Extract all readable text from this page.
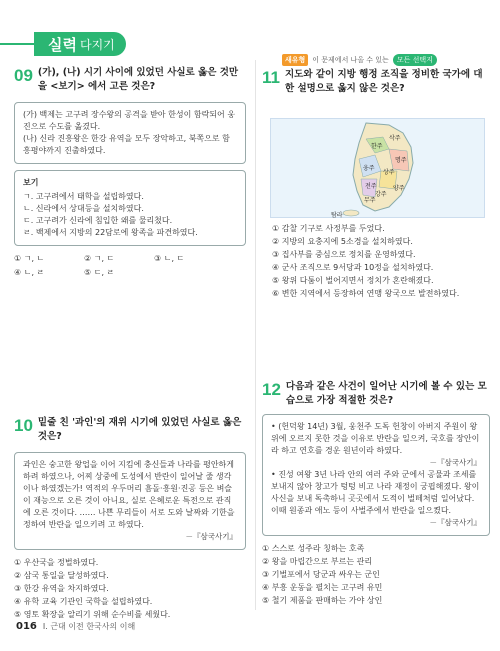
실력 다지기
09 (가), (나) 시기 사이에 있었던 사실로 옳은 것만을 <보기> 에서 고른 것은?

(가) 백제는 고구려 장수왕의 공격을 받아 한성이 함락되어 웅진으로 수도를 옮겼다.

(나) 신라 진흥왕은 한강 유역을 모두 장악하고, 북쪽으로 함흥평야까지 진출하였다.

보기

ㄱ. 고구려에서 태학을 설립하였다.

ㄴ. 신라에서 상대등을 설치하였다.

ㄷ. 고구려가 신라에 침입한 왜를 물리쳤다.

ㄹ. 백제에서 지방의 22담로에 왕족을 파견하였다.

① ㄱ, ㄴ	② ㄱ, ㄷ	③ ㄴ, ㄷ
④ ㄴ, ㄹ	⑤ ㄷ, ㄹ
10 밑줄 친 '과인'의 재위 시기에 있었던 사실로 옳은 것은?

과인은 숭고한 왕업을 이어 지킴에 충신들과 나라를 평안하게 하려 하였으나, 어찌 상중에 도성에서 반란이 일어날 줄 생각이나 하였겠는가! 역적의 우두머리 흠돌·흥원·진공 등은 벼슬이 재능으로 오른 것이 아니요, 실로 은혜로운 특전으로 관직에 오른 것이다. …… 나쁜 무리들이 서로 도와 날짜와 기한을 정하여 반란을 일으키려 고 하였다.

－『삼국사기』
① 우산국을 정벌하였다.
② 삼국 통일을 달성하였다.
③ 한강 유역을 차지하였다.
④ 유학 교육 기관인 국학을 설립하였다.
⑤ 영토 확장을 알리기 위해 순수비를 세웠다.
새유형	이 문제에서 나올 수 있는	모든 선택지
11 지도와 같이 지방 행정 조직을 정비한 국가에 대한 설명으로 옳지 않은 것은?
한주
삭주
명주
웅주
상주
전주
무주
강주
양주
탐라
① 감찰 기구로 사정부를 두었다.
② 지방의 요충지에 5소경을 설치하였다.
③ 집사부를 중심으로 정치를 운영하였다.
④ 군사 조직으로 9서당과 10정을 설치하였다.
⑤ 왕위 다툼이 벌어지면서 정치가 혼란해졌다.
⑥ 변한 지역에서 등장하여 연맹 왕국으로 발전하였다.
12 다음과 같은 사건이 일어난 시기에 볼 수 있는 모습으로 가장 적절한 것은?

• (헌덕왕 14년) 3월, 웅천주 도독 헌창이 아버지 주원이 왕위에 오르지 못한 것을 이유로 반란을 일으켜, 국호를 장안이라 하고 연호를 경운 원년이라 하였다.

－『삼국사기』

• 진성 여왕 3년 나라 안의 여러 주와 군에서 공물과 조세를 보내지 않아 창고가 텅텅 비고 나라 재정이 궁핍해졌다. 왕이 사신을 보내 독촉하니 곳곳에서 도적이 벌떼처럼 일어났다. 이때 원종과 애노 등이 사벌주에서 반란을 일으켰다.

－『삼국사기』
① 스스로 성주라 칭하는 호족
② 왕을 마립간으로 부르는 관리
③ 기벌포에서 당군과 싸우는 군인
④ 부흥 운동을 펼치는 고구려 유민
⑤ 철기 제품을 판매하는 가야 상인
016 Ⅰ. 근대 이전 한국사의 이해
